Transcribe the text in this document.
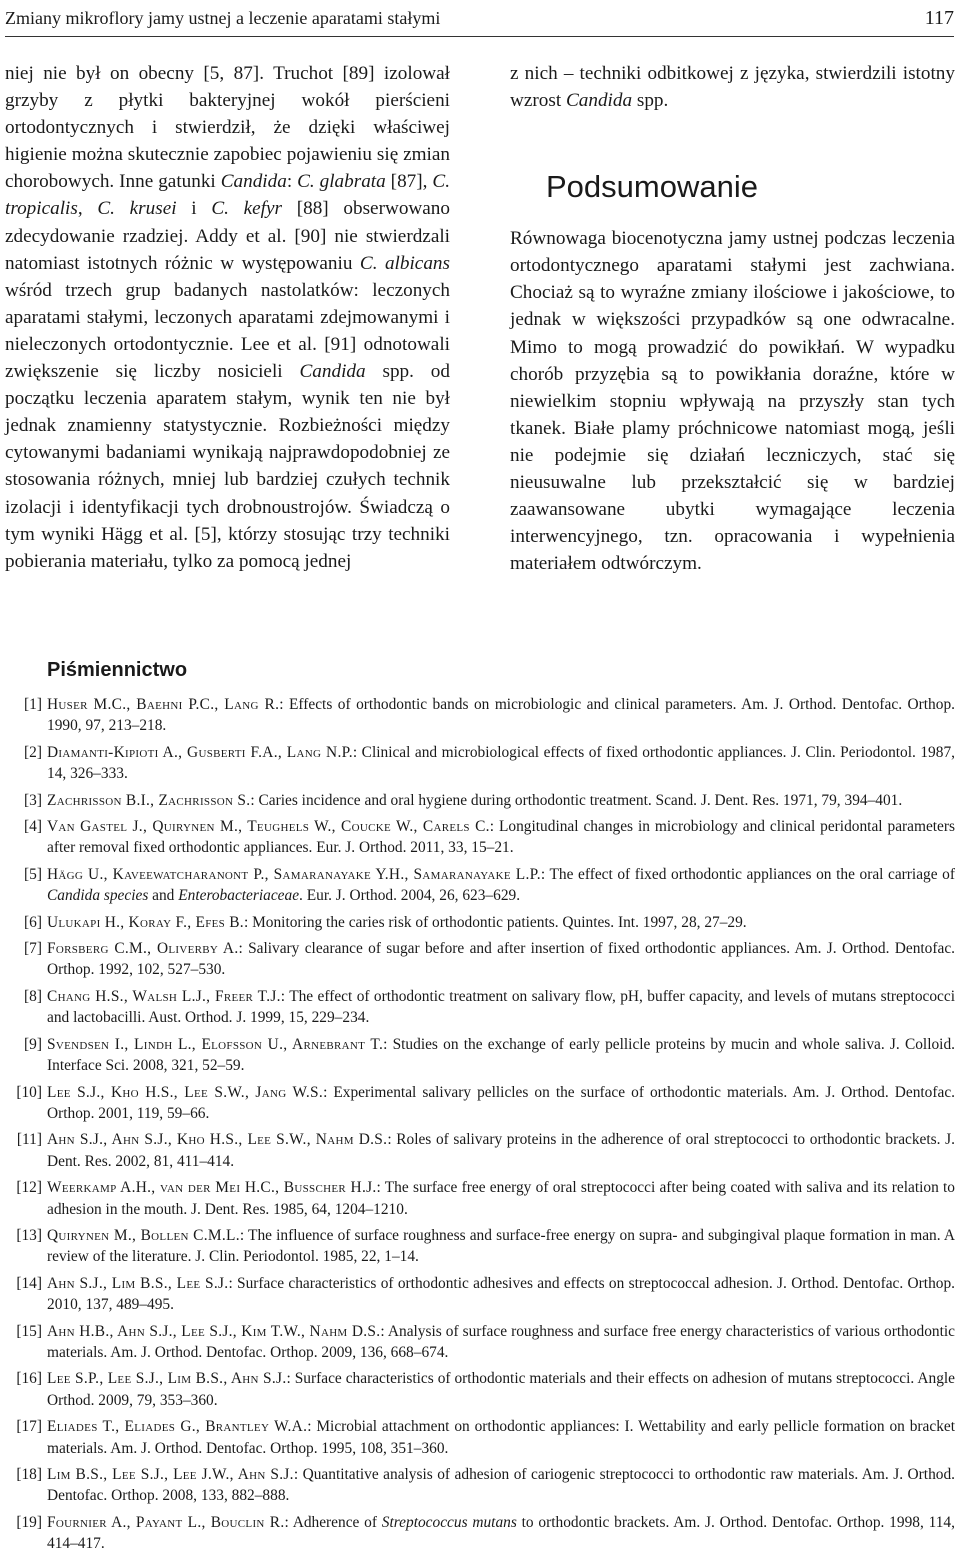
Zmiany mikroflory jamy ustnej a leczenie aparatami stałymi	117

niej nie był on obecny [5, 87]. Truchot [89] izolował grzyby z płytki bakteryjnej wokół pierścieni ortodontycznych i stwierdził, że dzięki właściwej higienie można skutecznie zapobiec pojawieniu się zmian chorobowych. Inne gatunki Candida: C. glabrata [87], C. tropicalis, C. krusei i C. kefyr [88] obserwowano zdecydowanie rzadziej. Addy et al. [90] nie stwierdzali natomiast istotnych różnic w występowaniu C. albicans wśród trzech grup badanych nastolatków: leczonych aparatami stałymi, leczonych aparatami zdejmowanymi i nieleczonych ortodontycznie. Lee et al. [91] odnotowali zwiększenie się liczby nosicieli Candida spp. od początku leczenia aparatem stałym, wynik ten nie był jednak znamienny statystycznie. Rozbieżności między cytowanymi badaniami wynikają najprawdopodobniej ze stosowania różnych, mniej lub bardziej czułych technik izolacji i identyfikacji tych drobnoustrojów. Świadczą o tym wyniki Hägg et al. [5], którzy stosując trzy techniki pobierania materiału, tylko za pomocą jednej

z nich – techniki odbitkowej z języka, stwierdzili istotny wzrost Candida spp.

Podsumowanie

Równowaga biocenotyczna jamy ustnej podczas leczenia ortodontycznego aparatami stałymi jest zachwiana. Chociaż są to wyraźne zmiany ilościowe i jakościowe, to jednak w większości przypadków są one odwracalne. Mimo to mogą prowadzić do powikłań. W wypadku chorób przyzębia są to powikłania doraźne, które w niewielkim stopniu wpływają na przyszły stan tych tkanek. Białe plamy próchnicowe natomiast mogą, jeśli nie podejmie się działań leczniczych, stać się nieusuwalne lub przekształcić się w bardziej zaawansowane ubytki wymagające leczenia interwencyjnego, tzn. opracowania i wypełnienia materiałem odtwórczym.

Piśmiennictwo
[1] Huser M.C., Baehni P.C., Lang R.: Effects of orthodontic bands on microbiologic and clinical parameters. Am. J. Orthod. Dentofac. Orthop. 1990, 97, 213–218.
[2] Diamanti-Kipioti A., Gusberti F.A., Lang N.P.: Clinical and microbiological effects of fixed orthodontic appliances. J. Clin. Periodontol. 1987, 14, 326–333.
[3] Zachrisson B.I., Zachrisson S.: Caries incidence and oral hygiene during orthodontic treatment. Scand. J. Dent. Res. 1971, 79, 394–401.
[4] Van Gastel J., Quirynen M., Teughels W., Coucke W., Carels C.: Longitudinal changes in microbiology and clinical peridontal parameters after removal fixed orthodontic appliances. Eur. J. Orthod. 2011, 33, 15–21.
[5] Hägg U., Kaveewatcharanont P., Samaranayake Y.H., Samaranayake L.P.: The effect of fixed orthodontic appliances on the oral carriage of Candida species and Enterobacteriaceae. Eur. J. Orthod. 2004, 26, 623–629.
[6] Ulukapi H., Koray F., Efes B.: Monitoring the caries risk of orthodontic patients. Quintes. Int. 1997, 28, 27–29.
[7] Forsberg C.M., Oliverby A.: Salivary clearance of sugar before and after insertion of fixed orthodontic appliances. Am. J. Orthod. Dentofac. Orthop. 1992, 102, 527–530.
[8] Chang H.S., Walsh L.J., Freer T.J.: The effect of orthodontic treatment on salivary flow, pH, buffer capacity, and levels of mutans streptococci and lactobacilli. Aust. Orthod. J. 1999, 15, 229–234.
[9] Svendsen I., Lindh L., Elofsson U., Arnebrant T.: Studies on the exchange of early pellicle proteins by mucin and whole saliva. J. Colloid. Interface Sci. 2008, 321, 52–59.
[10] Lee S.J., Kho H.S., Lee S.W., Jang W.S.: Experimental salivary pellicles on the surface of orthodontic materials. Am. J. Orthod. Dentofac. Orthop. 2001, 119, 59–66.
[11] Ahn S.J., Ahn S.J., Kho H.S., Lee S.W., Nahm D.S.: Roles of salivary proteins in the adherence of oral streptococci to orthodontic brackets. J. Dent. Res. 2002, 81, 411–414.
[12] Weerkamp A.H., van der Mei H.C., Busscher H.J.: The surface free energy of oral streptococci after being coated with saliva and its relation to adhesion in the mouth. J. Dent. Res. 1985, 64, 1204–1210.
[13] Quirynen M., Bollen C.M.L.: The influence of surface roughness and surface-free energy on supra- and subgingival plaque formation in man. A review of the literature. J. Clin. Periodontol. 1985, 22, 1–14.
[14] Ahn S.J., Lim B.S., Lee S.J.: Surface characteristics of orthodontic adhesives and effects on streptococcal adhesion. J. Orthod. Dentofac. Orthop. 2010, 137, 489–495.
[15] Ahn H.B., Ahn S.J., Lee S.J., Kim T.W., Nahm D.S.: Analysis of surface roughness and surface free energy characteristics of various orthodontic materials. Am. J. Orthod. Dentofac. Orthop. 2009, 136, 668–674.
[16] Lee S.P., Lee S.J., Lim B.S., Ahn S.J.: Surface characteristics of orthodontic materials and their effects on adhesion of mutans streptococci. Angle Orthod. 2009, 79, 353–360.
[17] Eliades T., Eliades G., Brantley W.A.: Microbial attachment on orthodontic appliances: I. Wettability and early pellicle formation on bracket materials. Am. J. Orthod. Dentofac. Orthop. 1995, 108, 351–360.
[18] Lim B.S., Lee S.J., Lee J.W., Ahn S.J.: Quantitative analysis of adhesion of cariogenic streptococci to orthodontic raw materials. Am. J. Orthod. Dentofac. Orthop. 2008, 133, 882–888.
[19] Fournier A., Payant L., Bouclin R.: Adherence of Streptococcus mutans to orthodontic brackets. Am. J. Orthod. Dentofac. Orthop. 1998, 114, 414–417.
